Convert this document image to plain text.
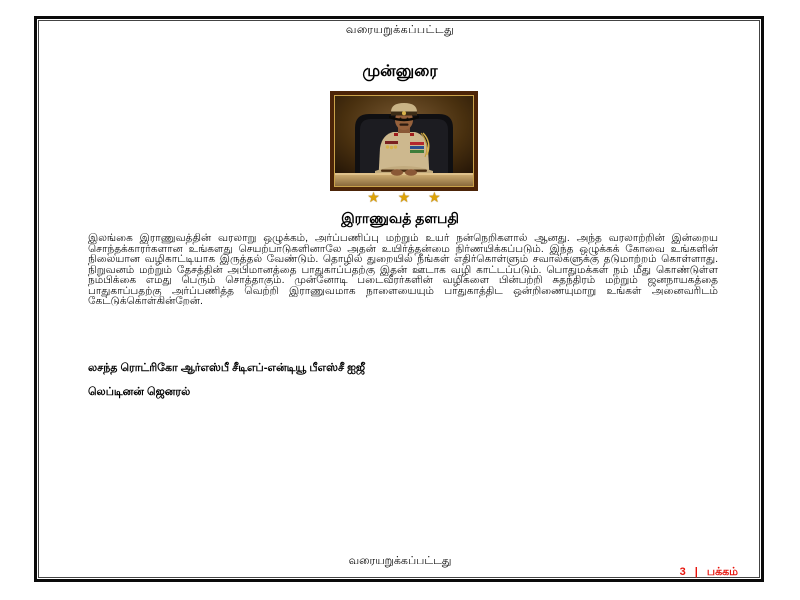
வரையறுக்கப்பட்டது
முன்னுரை
★ ★ ★
இராணுவத் தளபதி
இலங்கை இராணுவத்தின் வரலாறு ஒழுக்கம், அர்ப்பணிப்பு மற்றும் உயர் நன்நெறிகளால் ஆனது. அந்த வரலாற்றின் இன்றைய சொந்தக்காரர்களான உங்களது செயற்பாடுகளினாலே அதன் உயிர்த்தன்மை நிர்ணயிக்கப்படும். இந்த ஒழுக்கக் கோவை உங்களின் நிலையான வழிகாட்டியாக இருத்தல் வேண்டும். தொழில் துறையில் நீங்கள் எதிர்கொள்ளும் சவால்களுக்கு தடுமாற்றம் கொள்ளாது. நிறுவனம் மற்றும் தேசத்தின் அபிமானத்தை பாதுகாப்பதற்கு இதன் ஊடாக வழி காட்டப்படும். பொதுமக்கள் நம் மீது கொண்டுள்ள நம்பிக்கை எமது பெரும் சொத்தாகும். முன்னோடி படைவீரர்களின் வழிகளை பின்பற்றி சுதந்திரம் மற்றும் ஜனநாயகத்தை பாதுகாப்பதற்கு அர்ப்பணித்த வெற்றி இராணுவமாக நாளையையும் பாதுகாத்திட ஒன்றிணையுமாறு உங்கள் அனைவரிடம் கேட்டுக்கொள்கின்றேன்.
லசந்த ரொட்ரிகோ ஆர்எஸ்பீ சீடிஎப்-என்டியூ பீஎஸ்சீ ஐஜீ
லெப்டினன் ஜெனரல்
வரையறுக்கப்பட்டது
3 | பக்கம்
